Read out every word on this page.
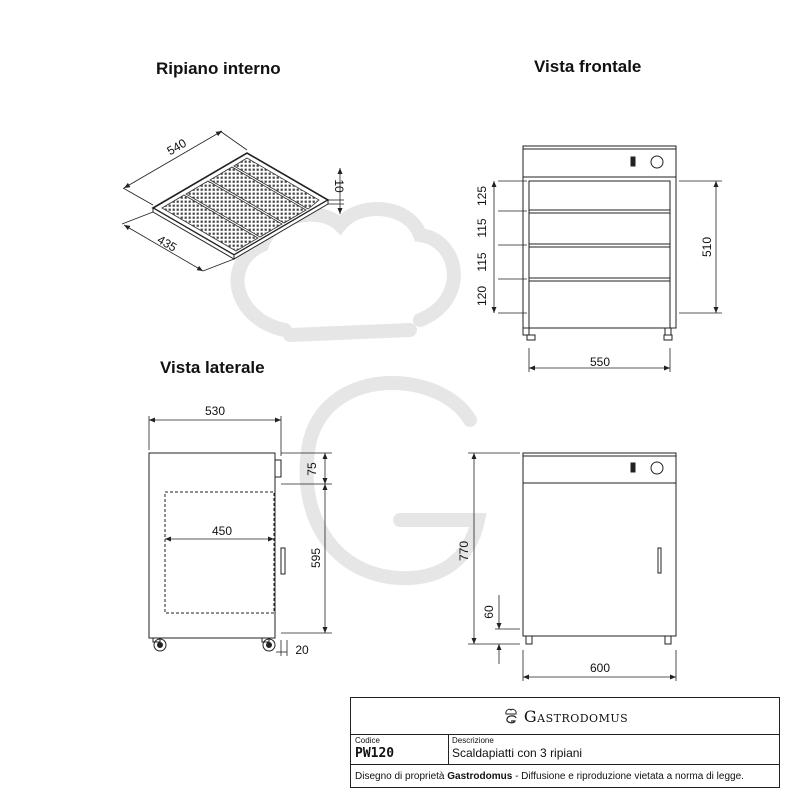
Ripiano interno	Vista frontale
Vista laterale
540
435
10	125
115
115
120
510
550
530
450
75
595
20
770
60
600
Gastrodomus
Codice
PW120
Descrizione
Scaldapiatti con 3 ripiani
Disegno di proprietà Gastrodomus - Diffusione e riproduzione vietata a norma di legge.
